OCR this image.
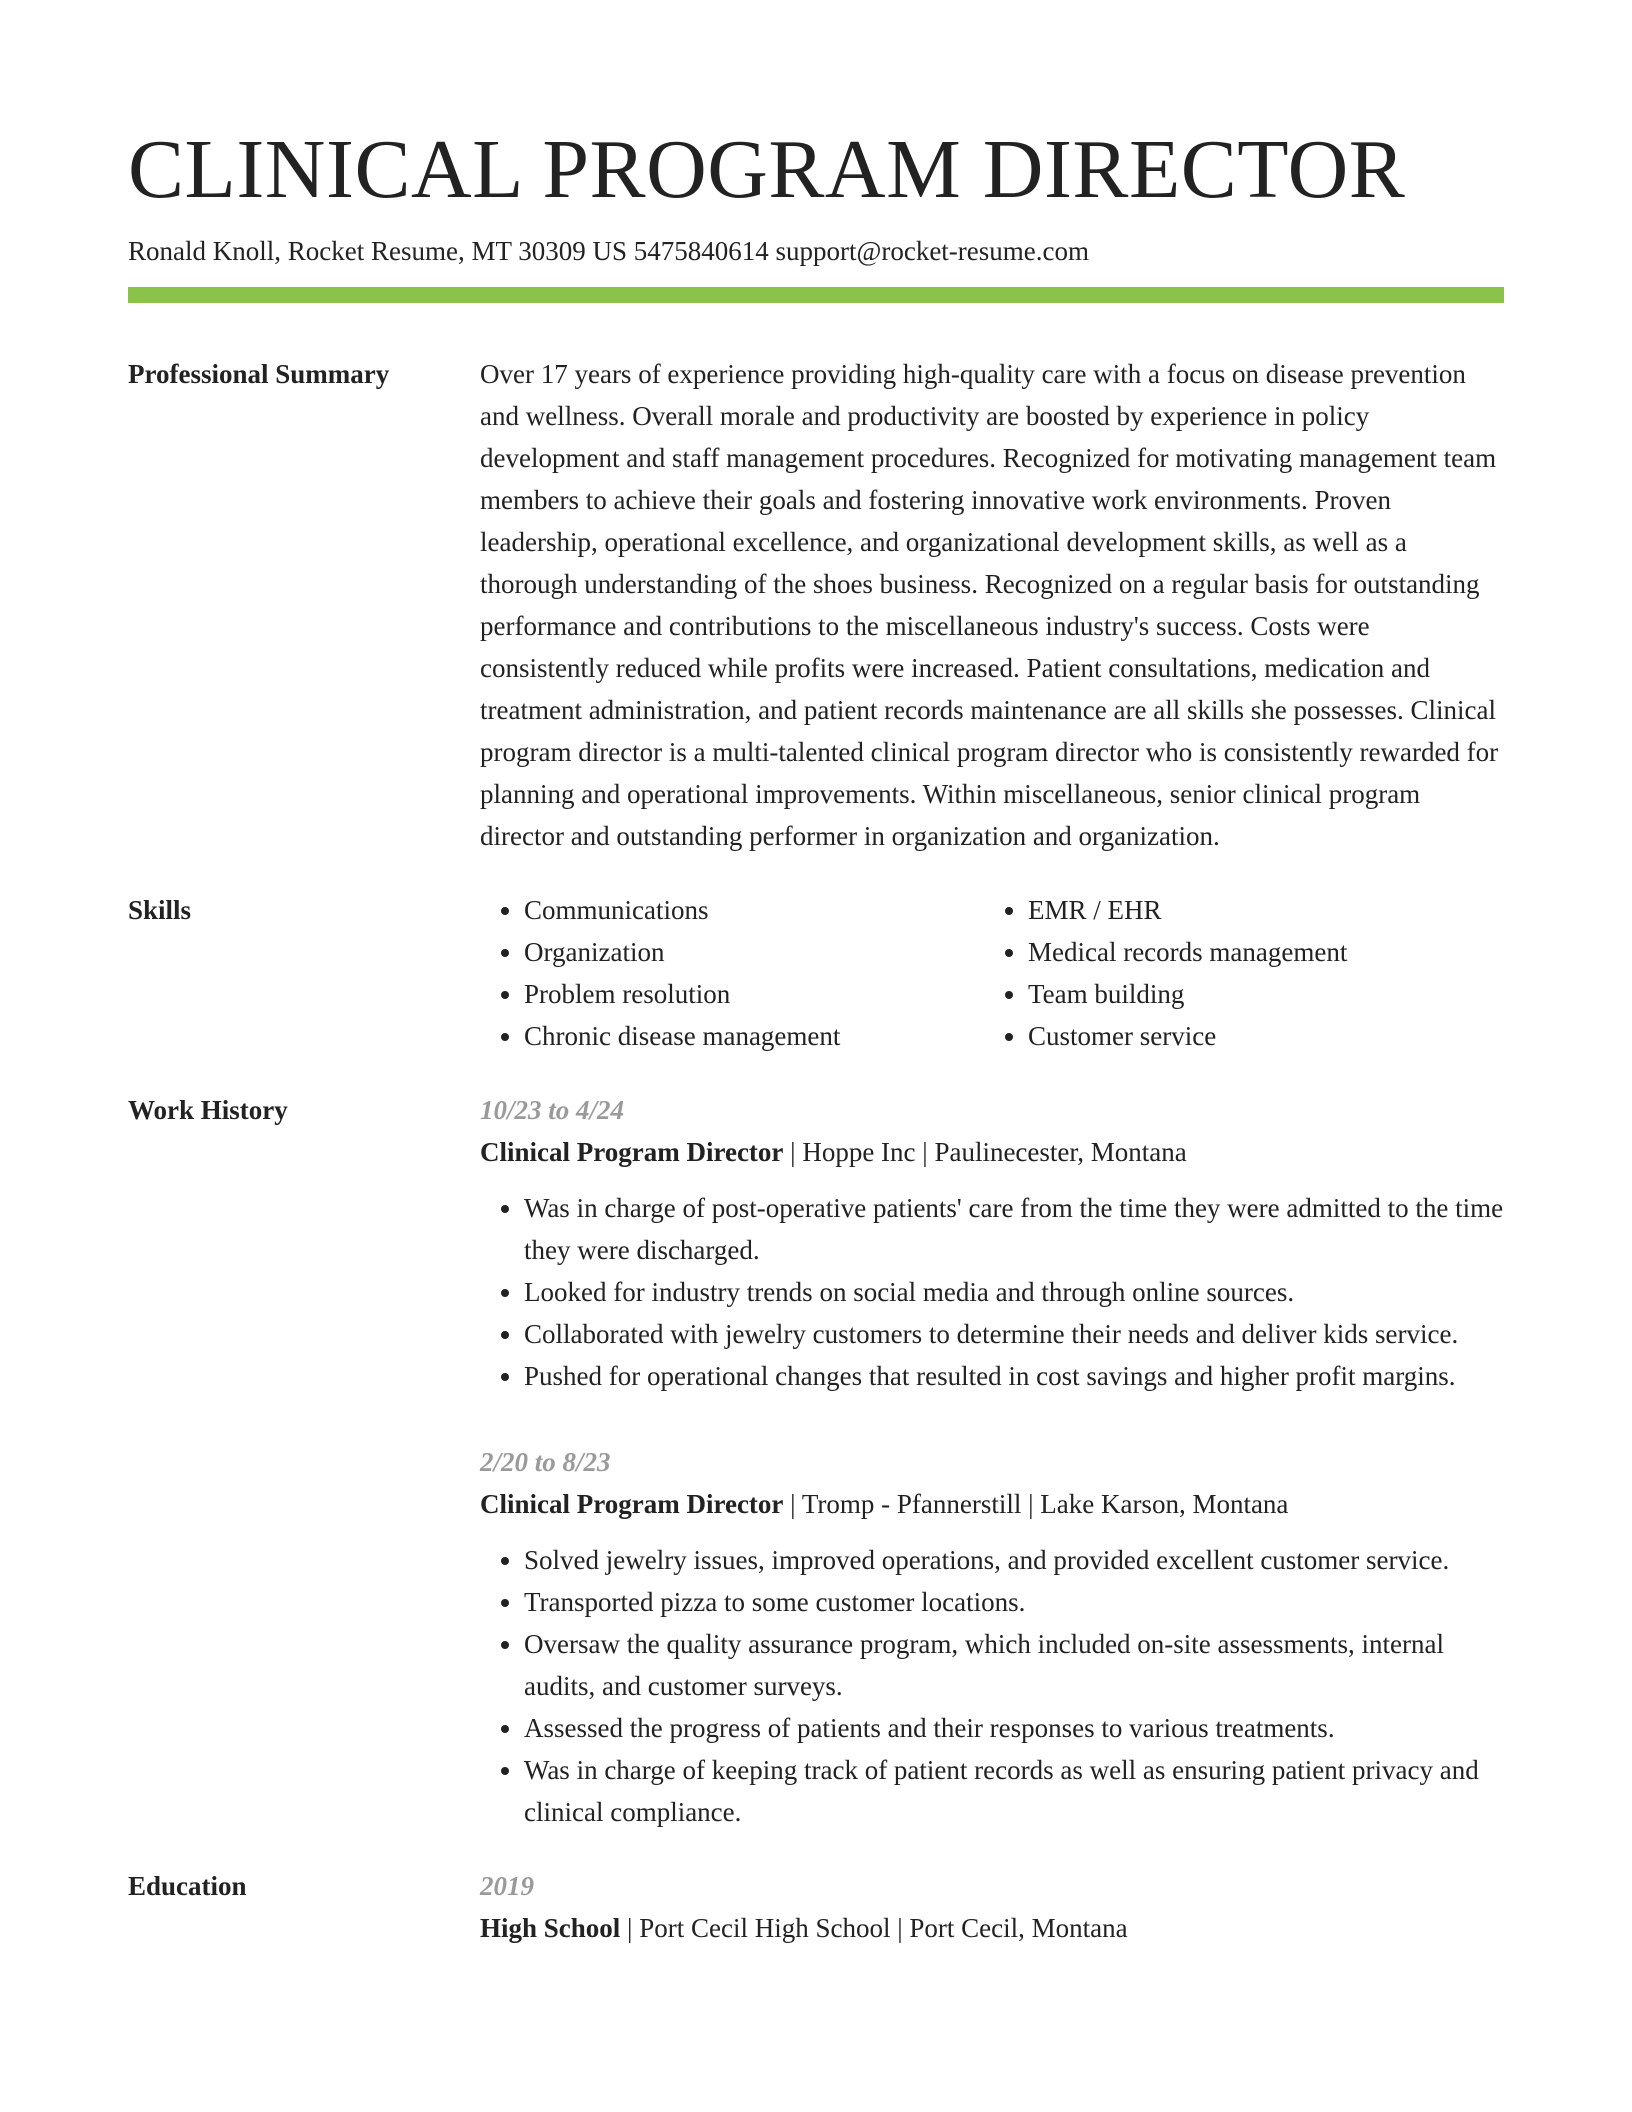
CLINICAL PROGRAM DIRECTOR
Ronald Knoll, Rocket Resume, MT 30309 US 5475840614 support@rocket-resume.com
Professional Summary	Over 17 years of experience providing high-quality care with a focus on disease prevention and wellness. Overall morale and productivity are boosted by experience in policy development and staff management procedures. Recognized for motivating management team members to achieve their goals and fostering innovative work environments. Proven leadership, operational excellence, and organizational development skills, as well as a thorough understanding of the shoes business. Recognized on a regular basis for outstanding performance and contributions to the miscellaneous industry's success. Costs were consistently reduced while profits were increased. Patient consultations, medication and treatment administration, and patient records maintenance are all skills she possesses. Clinical program director is a multi-talented clinical program director who is consistently rewarded for planning and operational improvements. Within miscellaneous, senior clinical program director and outstanding performer in organization and organization.

Skills
•	Communications
• Organization
• Problem resolution
• Chronic disease management
• EMR / EHR
• Medical records management
• Team building
• Customer service
Work History	10/23 to 4/24
Clinical Program Director | Hoppe Inc | Paulinecester, Montana
• Was in charge of post-operative patients' care from the time they were admitted to the time they were discharged.
• Looked for industry trends on social media and through online sources.
• Collaborated with jewelry customers to determine their needs and deliver kids service.
• Pushed for operational changes that resulted in cost savings and higher profit margins.
2/20 to 8/23
Clinical Program Director | Tromp - Pfannerstill | Lake Karson, Montana
• Solved jewelry issues, improved operations, and provided excellent customer service.
• Transported pizza to some customer locations.
• Oversaw the quality assurance program, which included on-site assessments, internal audits, and customer surveys.
• Assessed the progress of patients and their responses to various treatments.
• Was in charge of keeping track of patient records as well as ensuring patient privacy and clinical compliance.
Education	2019
High School | Port Cecil High School | Port Cecil, Montana
